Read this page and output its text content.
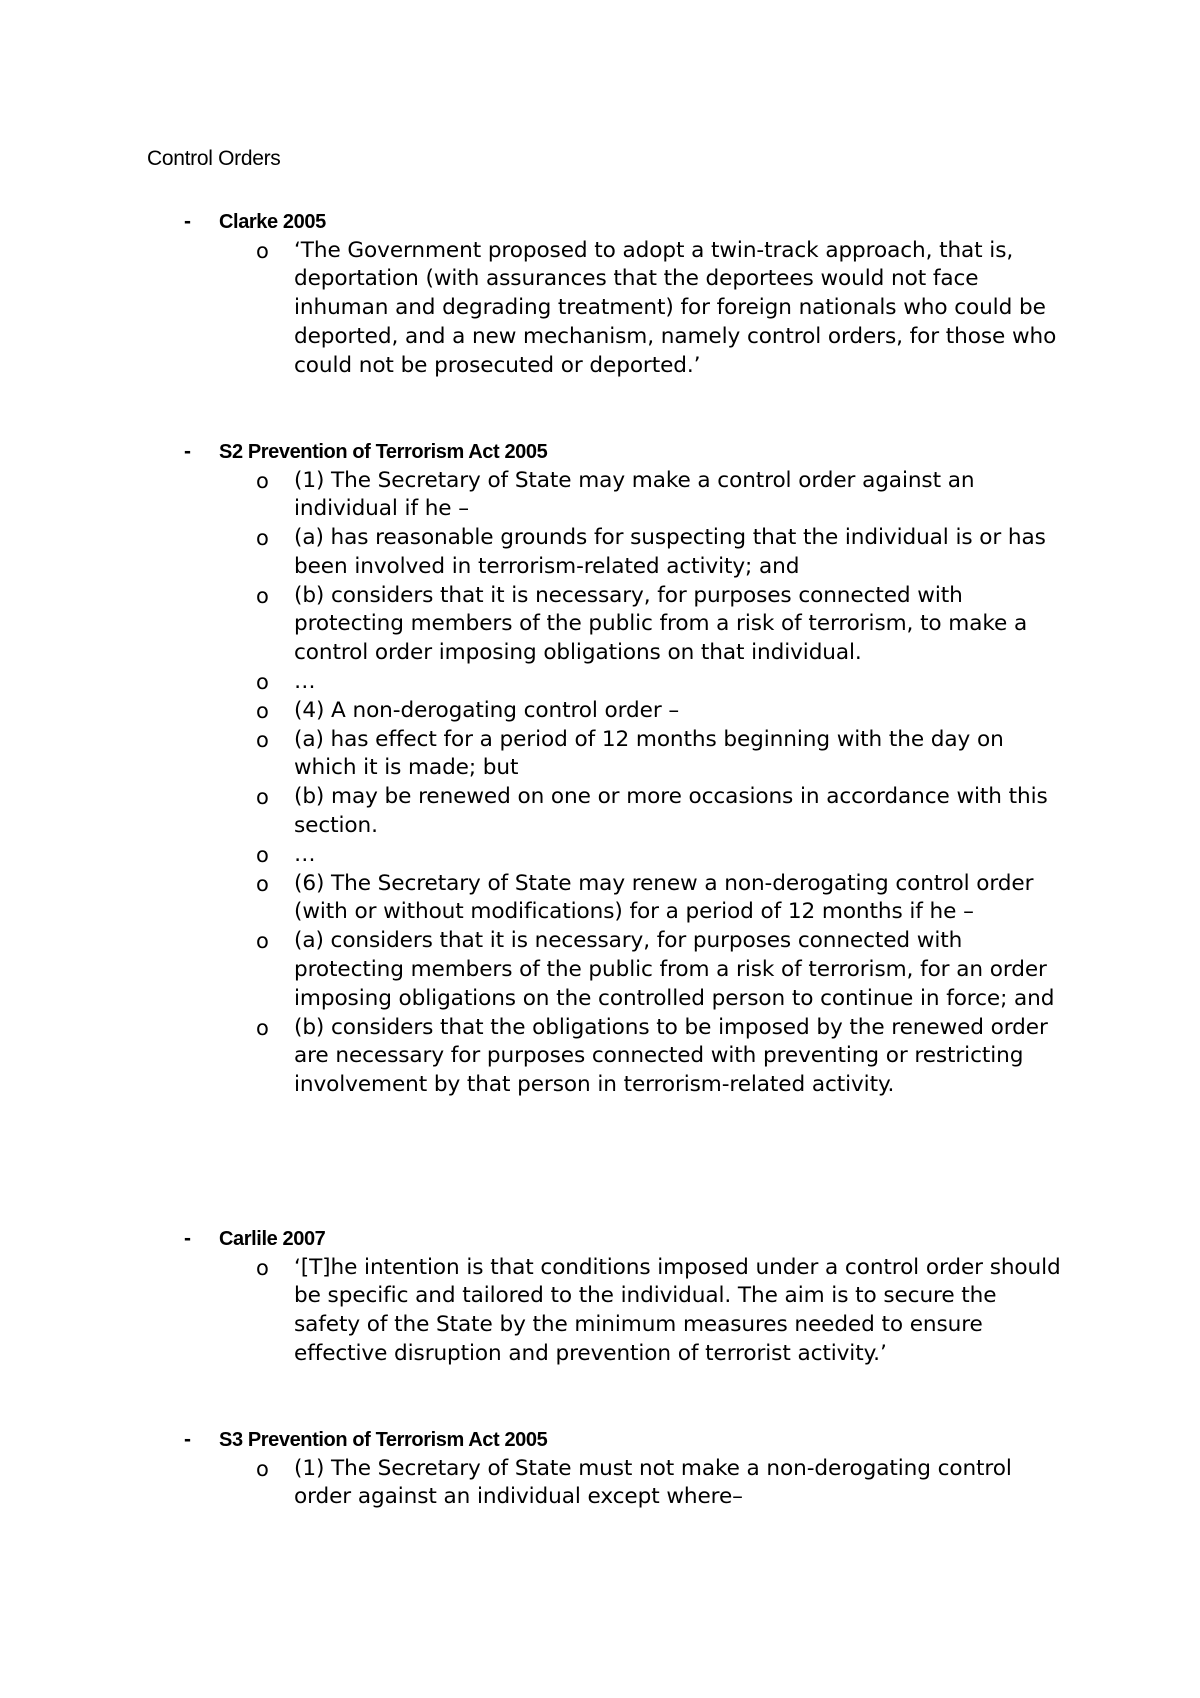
Control Orders
- Clarke 2005
o ‘The Government proposed to adopt a twin-track approach, that is, deportation (with assurances that the deportees would not face inhuman and degrading treatment) for foreign nationals who could be deported, and a new mechanism, namely control orders, for those who could not be prosecuted or deported.’

- S2 Prevention of Terrorism Act 2005
o (1) The Secretary of State may make a control order against an individual if he –

o (a) has reasonable grounds for suspecting that the individual is or has been involved in terrorism-related activity; and

o (b) considers that it is necessary, for purposes connected with protecting members of the public from a risk of terrorism, to make a control order imposing obligations on that individual.

o …

o (4) A non-derogating control order –

o (a) has effect for a period of 12 months beginning with the day on which it is made; but

o (b) may be renewed on one or more occasions in accordance with this section.

o …

o (6) The Secretary of State may renew a non-derogating control order (with or without modifications) for a period of 12 months if he –

o (a) considers that it is necessary, for purposes connected with protecting members of the public from a risk of terrorism, for an order imposing obligations on the controlled person to continue in force; and

o (b) considers that the obligations to be imposed by the renewed order are necessary for purposes connected with preventing or restricting involvement by that person in terrorism-related activity.

- Carlile 2007
o ‘[T]he intention is that conditions imposed under a control order should be specific and tailored to the individual. The aim is to secure the safety of the State by the minimum measures needed to ensure effective disruption and prevention of terrorist activity.’

- S3 Prevention of Terrorism Act 2005
o (1) The Secretary of State must not make a non-derogating control order against an individual except where–
